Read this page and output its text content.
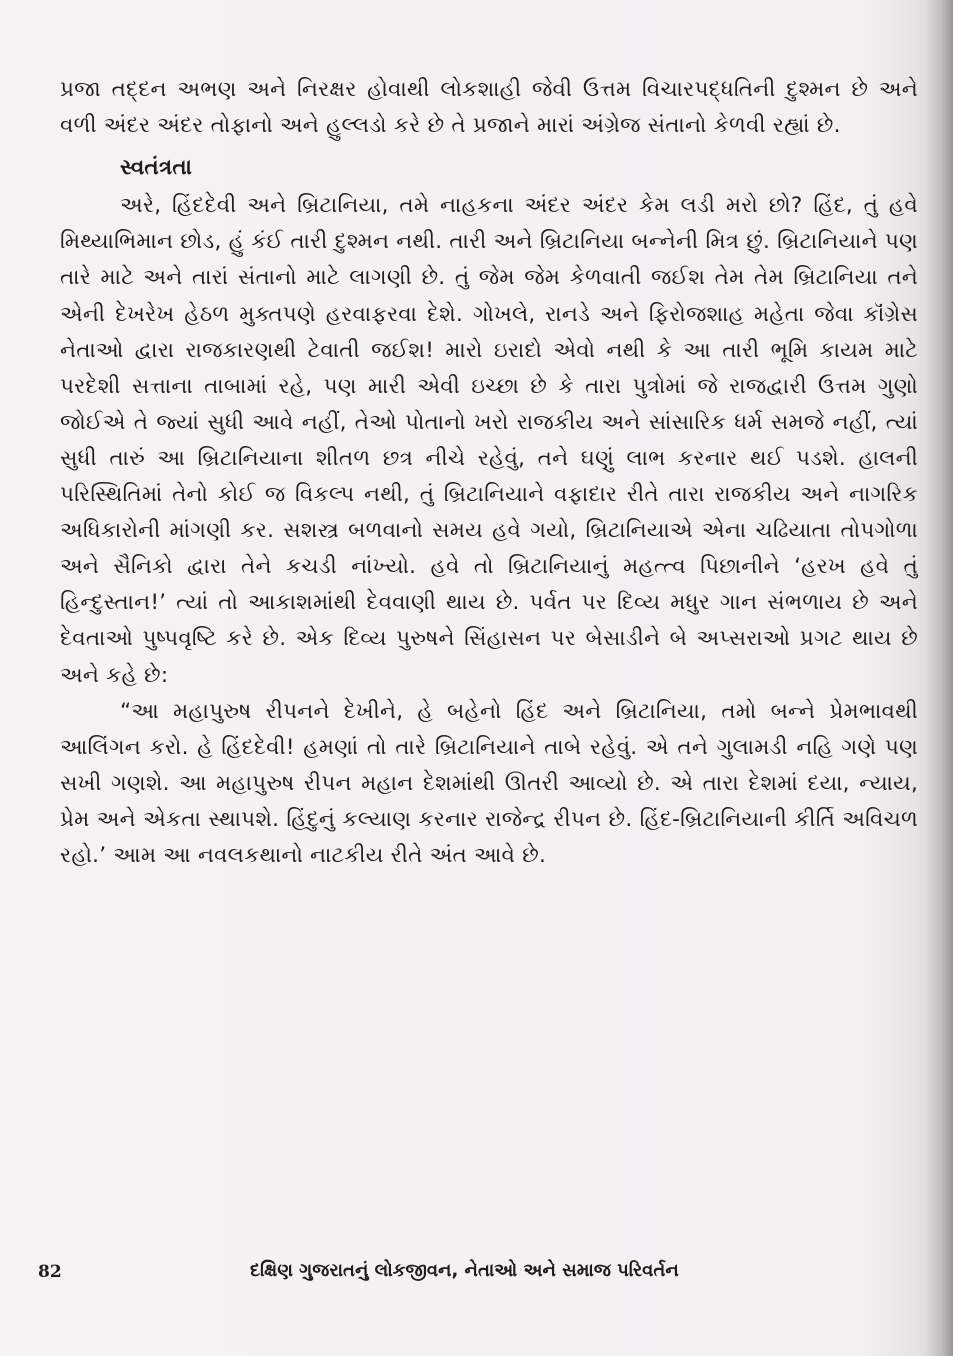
પ્રજા તદ્દન અભણ અને નિરક્ષર હોવાથી લોકશાહી જેવી ઉત્તમ વિચારપદ્ધતિની દુશ્મન છે અને વળી અંદર અંદર તોફાનો અને હુલ્લડો કરે છે તે પ્રજાને મારાં અંગ્રેજ સંતાનો કેળવી રહ્યાં છે.

સ્વતંત્રતા

અરે, હિંદદેવી અને બ્રિટાનિયા, તમે નાહકના અંદર અંદર કેમ લડી મરો છો? હિંદ, તું હવે મિથ્યાભિમાન છોડ, હું કંઈ તારી દુશ્મન નથી. તારી અને બ્રિટાનિયા બન્નેની મિત્ર છું. બ્રિટાનિયાને પણ તારે માટે અને તારાં સંતાનો માટે લાગણી છે. તું જેમ જેમ કેળવાતી જઈશ તેમ તેમ બ્રિટાનિયા તને એની દેખરેખ હેઠળ મુક્તપણે હરવાફરવા દેશે. ગોખલે, રાનડે અને ફિરોજશાહ મહેતા જેવા કૉંગ્રેસ નેતાઓ દ્વારા રાજકારણથી ટેવાતી જઈશ! મારો ઇરાદો એવો નથી કે આ તારી ભૂમિ કાયમ માટે પરદેશી સત્તાના તાબામાં રહે, પણ મારી એવી ઇચ્છા છે કે તારા પુત્રોમાં જે રાજદ્વારી ઉત્તમ ગુણો જોઈએ તે જ્યાં સુધી આવે નહીં, તેઓ પોતાનો ખરો રાજકીય અને સાંસારિક ધર્મ સમજે નહીં, ત્યાં સુધી તારું આ બ્રિટાનિયાના શીતળ છત્ર નીચે રહેવું, તને ઘણું લાભ કરનાર થઈ પડશે. હાલની પરિસ્થિતિમાં તેનો કોઈ જ વિકલ્પ નથી, તું બ્રિટાનિયાને વફાદાર રીતે તારા રાજકીય અને નાગરિક અધિકારોની માંગણી કર. સશસ્ત્ર બળવાનો સમય હવે ગયો, બ્રિટાનિયાએ એના ચઢિયાતા તોપગોળા અને સૈનિકો દ્વારા તેને કચડી નાંખ્યો. હવે તો બ્રિટાનિયાનું મહત્ત્વ પિછાનીને ‘હરખ હવે તું હિન્દુસ્તાન!’ ત્યાં તો આકાશમાંથી દેવવાણી થાય છે. પર્વત પર દિવ્ય મધુર ગાન સંભળાય છે અને દેવતાઓ પુષ્પવૃષ્ટિ કરે છે. એક દિવ્ય પુરુષને સિંહાસન પર બેસાડીને બે અપ્સરાઓ પ્રગટ થાય છે અને કહે છે:

“આ મહાપુરુષ રીપનને દેખીને, હે બહેનો હિંદ અને બ્રિટાનિયા, તમો બન્ને પ્રેમભાવથી આલિંગન કરો. હે હિંદદેવી! હમણાં તો તારે બ્રિટાનિયાને તાબે રહેવું. એ તને ગુલામડી નહિ ગણે પણ સખી ગણશે. આ મહાપુરુષ રીપન મહાન દેશમાંથી ઊતરી આવ્યો છે. એ તારા દેશમાં દયા, ન્યાય, પ્રેમ અને એકતા સ્થાપશે. હિંદુનું કલ્યાણ કરનાર રાજેન્દ્ર રીપન છે. હિંદ-બ્રિટાનિયાની કીર્તિ અવિચળ રહો.’ આમ આ નવલકથાનો નાટકીય રીતે અંત આવે છે.

82	દક્ષિણ ગુજરાતનું લોકજીવન, નેતાઓ અને સમાજ પરિવર્તન
